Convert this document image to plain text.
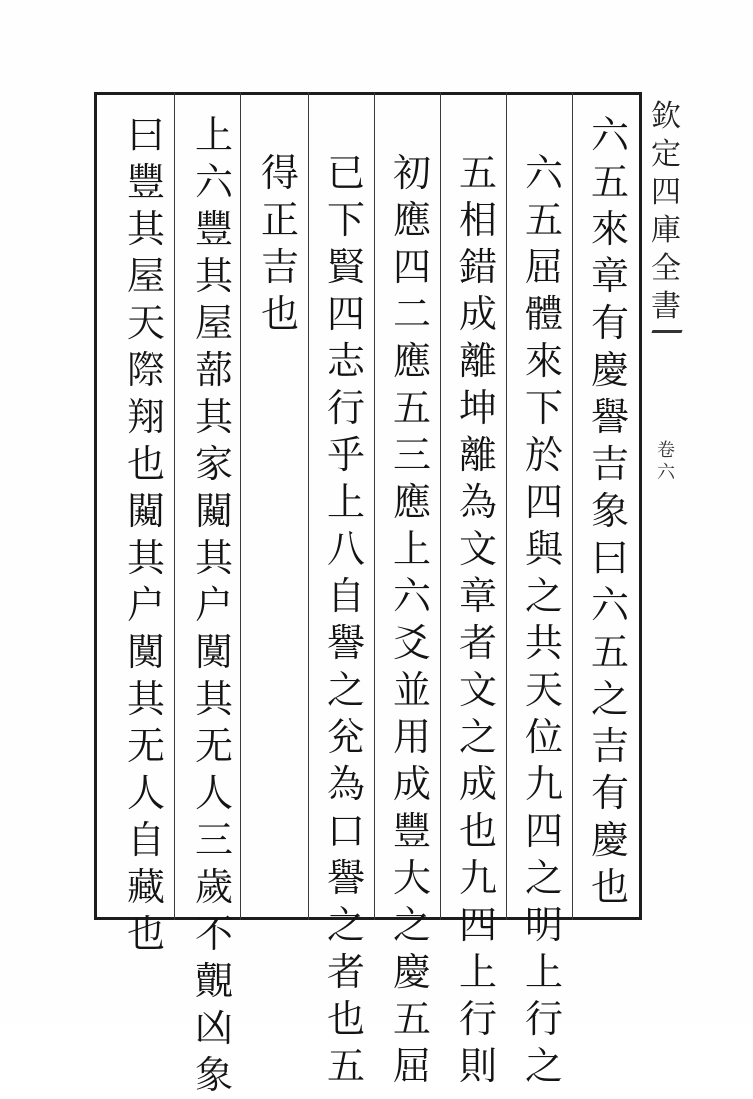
六
五
來
章
有
慶
譽
吉
象
曰
六
五
之
吉
有
慶
也
六
五
屈
體
來
下
於
四
與
之
共
天
位
九
四
之
明
上
行
之
五
相
錯
成
離
坤
離
為
文
章
者
文
之
成
也
九
四
上
行
則
初
應
四
二
應
五
三
應
上
六
爻
並
用
成
豐
大
之
慶
五
屈
已
下
賢
四
志
行
乎
上
八
自
譽
之
兊
為
口
譽
之
者
也
五
得
正
吉
也
上
六
豐
其
屋
蔀
其
家
闚
其
户
闃
其
无
人
三
歲
不
覿
凶
象
曰
豐
其
屋
天
際
翔
也
闚
其
户
闃
其
无
人
自
藏
也
欽
定
四
庫
全
書
卷
六
